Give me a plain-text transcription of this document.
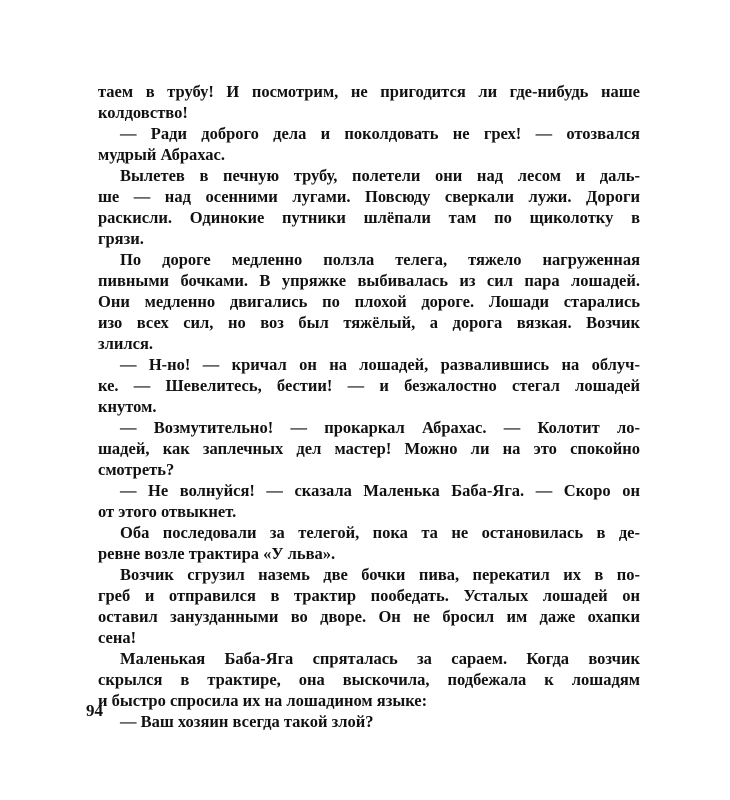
таем в трубу! И посмотрим, не пригодится ли где-нибудь наше
колдовство!
— Ради доброго дела и поколдовать не грех! — отозвался
мудрый Абрахас.
Вылетев в печную трубу, полетели они над лесом и даль-
ше — над осенними лугами. Повсюду сверкали лужи. Дороги
раскисли. Одинокие путники шлёпали там по щиколотку в
грязи.
По дороге медленно ползла телега, тяжело нагруженная
пивными бочками. В упряжке выбивалась из сил пара лошадей.
Они медленно двигались по плохой дороге. Лошади старались
изо всех сил, но воз был тяжёлый, а дорога вязкая. Возчик
злился.
— Н-но! — кричал он на лошадей, развалившись на облуч-
ке. — Шевелитесь, бестии! — и безжалостно стегал лошадей
кнутом.
— Возмутительно! — прокаркал Абрахас. — Колотит ло-
шадей, как заплечных дел мастер! Можно ли на это спокойно
смотреть?
— Не волнуйся! — сказала Маленька Баба-Яга. — Скоро он
от этого отвыкнет.
Оба последовали за телегой, пока та не остановилась в де-
ревне возле трактира «У льва».
Возчик сгрузил наземь две бочки пива, перекатил их в по-
греб и отправился в трактир пообедать. Усталых лошадей он
оставил занузданными во дворе. Он не бросил им даже охапки
сена!
Маленькая Баба-Яга спряталась за сараем. Когда возчик
скрылся в трактире, она выскочила, подбежала к лошадям
и быстро спросила их на лошадином языке:
— Ваш хозяин всегда такой злой?
94
